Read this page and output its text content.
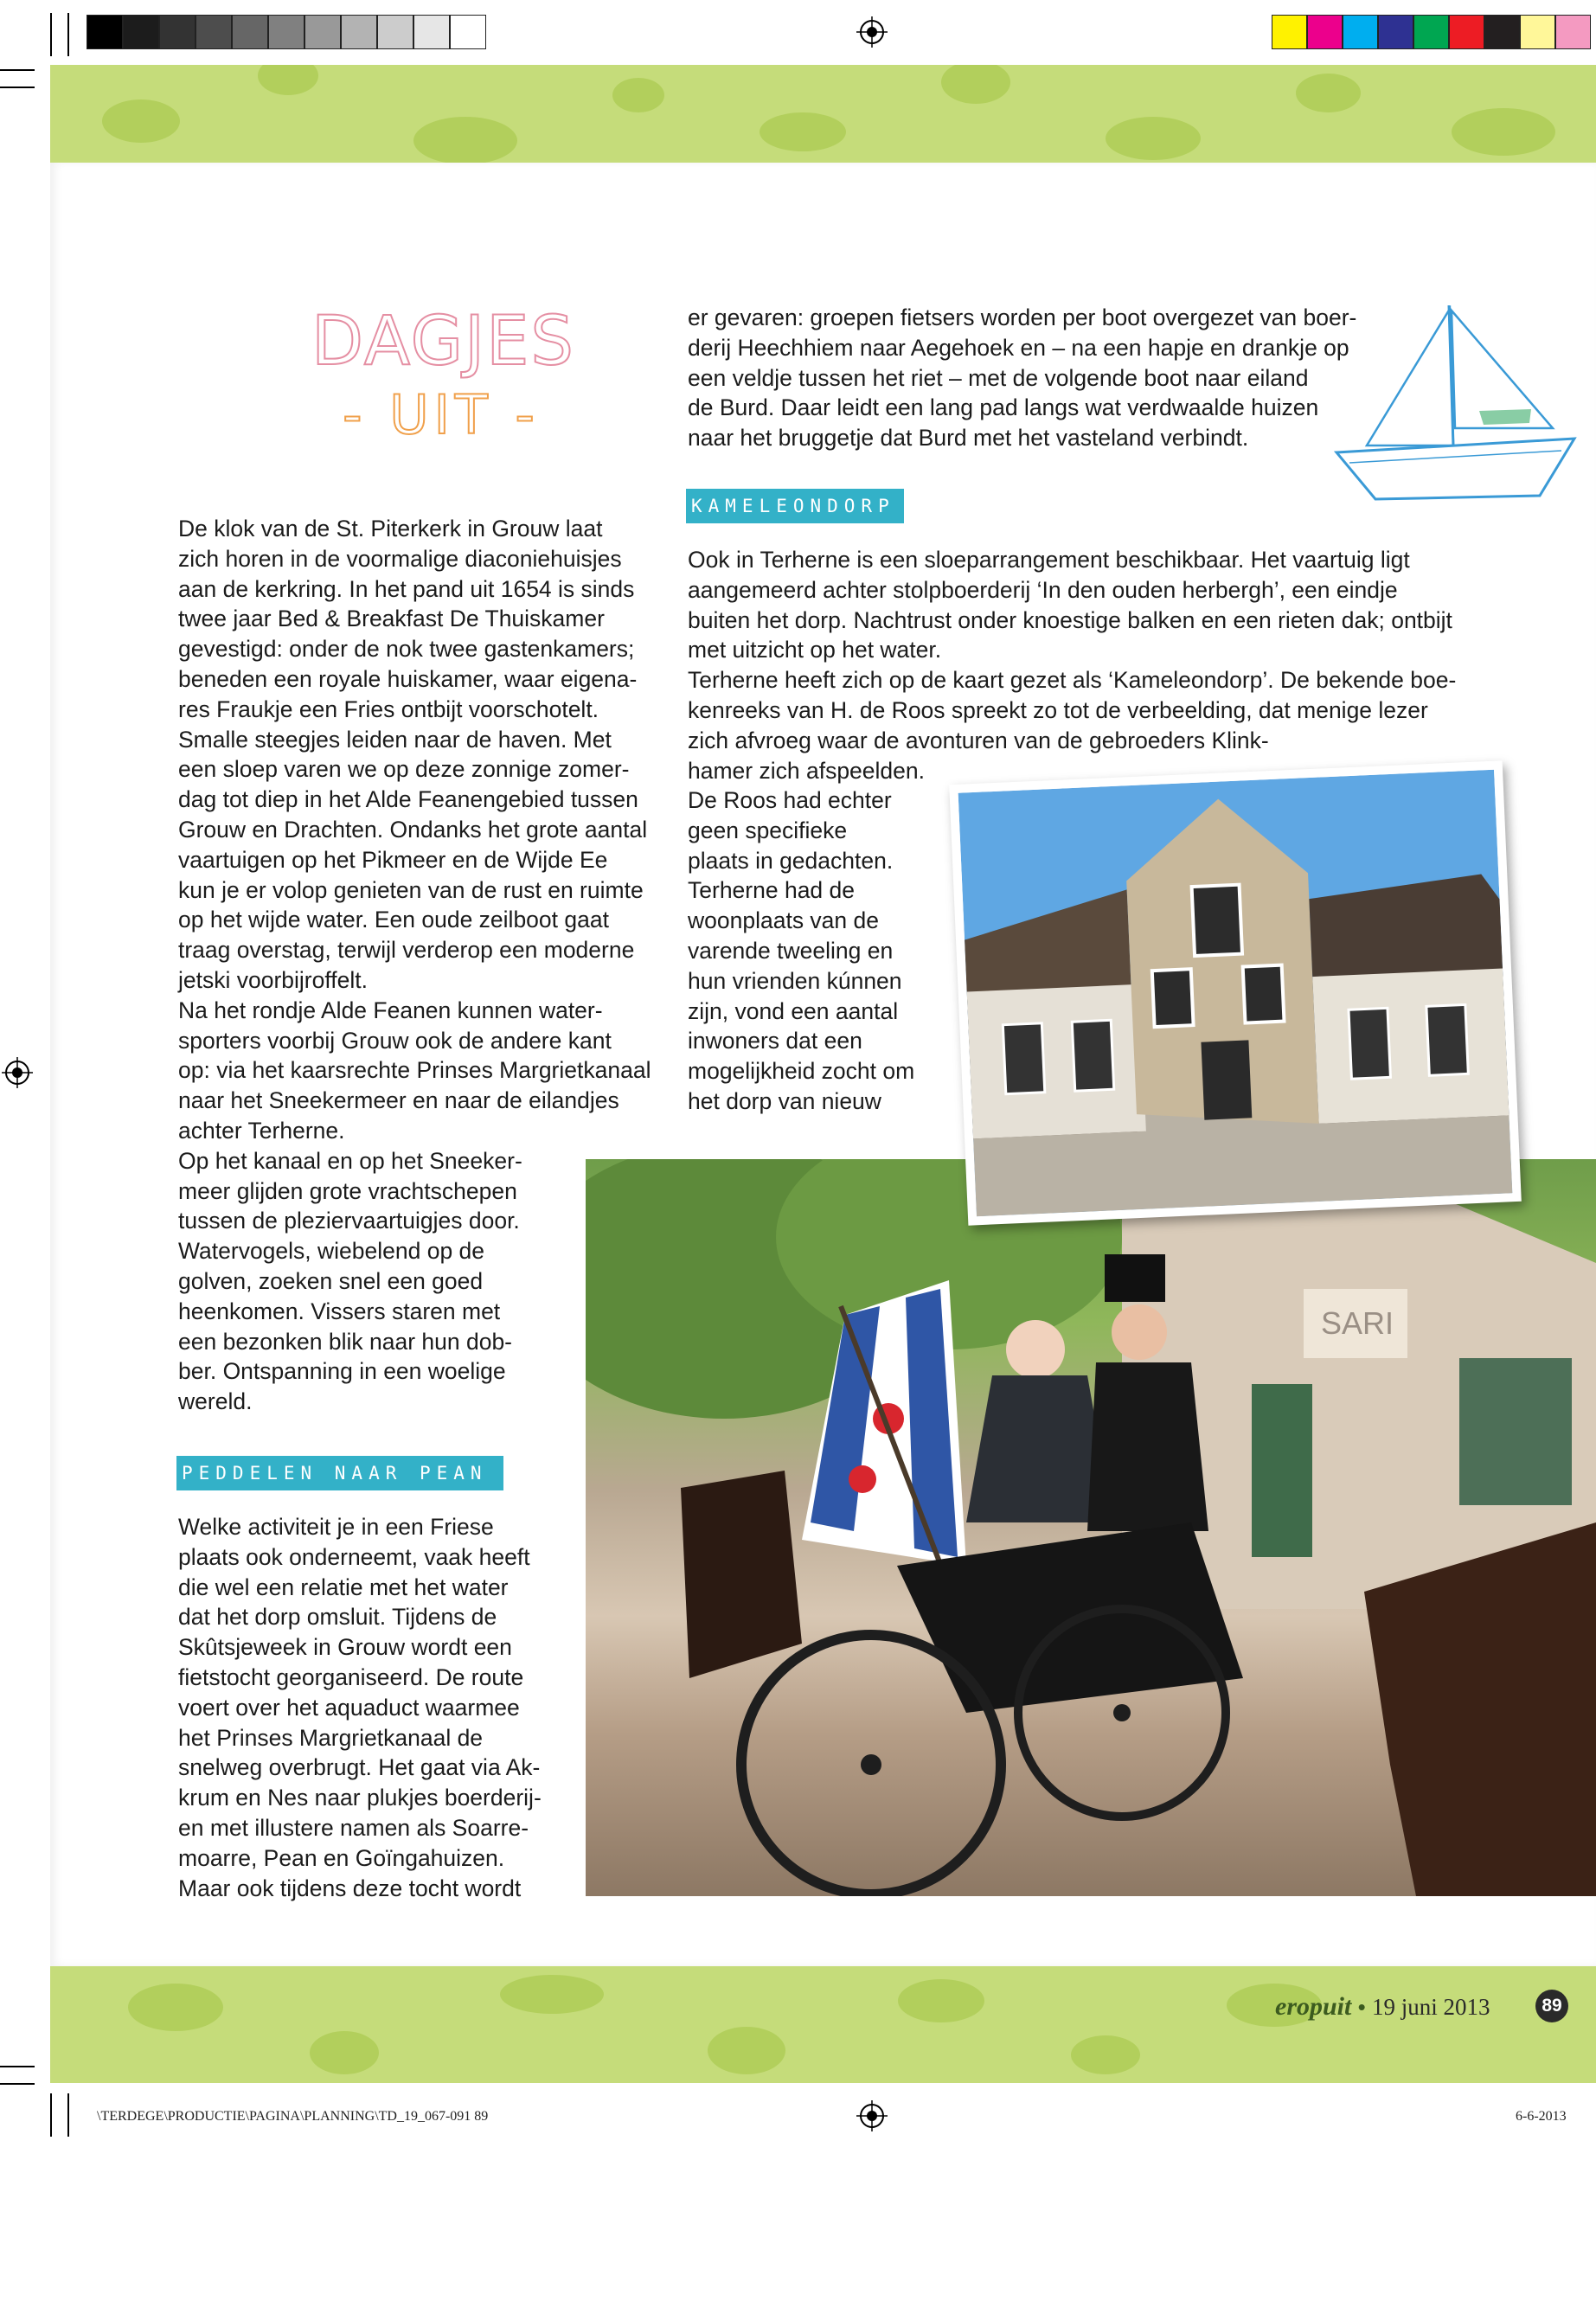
DAGJES
- UIT -
er gevaren: groepen fietsers worden per boot overgezet van boer-
derij Heechhiem naar Aegehoek en – na een hapje en drankje op
een veldje tussen het riet – met de volgende boot naar eiland
de Burd. Daar leidt een lang pad langs wat verdwaalde huizen
naar het bruggetje dat Burd met het vasteland verbindt.
KAMELEONDORP
Ook in Terherne is een sloeparrangement beschikbaar. Het vaartuig ligt
aangemeerd achter stolpboerderij ‘In den ouden herbergh’, een eindje
buiten het dorp. Nachtrust onder knoestige balken en een rieten dak; ontbijt
met uitzicht op het water.
Terherne heeft zich op de kaart gezet als ‘Kameleondorp’. De bekende boe-
kenreeks van H. de Roos spreekt zo tot de verbeelding, dat menige lezer
zich afvroeg waar de avonturen van de gebroeders Klink-
hamer zich afspeelden.
De Roos had echter
geen specifieke
plaats in gedachten.
Terherne had de
woonplaats van de
varende tweeling en
hun vrienden kúnnen
zijn, vond een aantal
inwoners dat een
mogelijkheid zocht om
het dorp van nieuw
De klok van de St. Piterkerk in Grouw laat
zich horen in de voormalige diaconiehuisjes
aan de kerkring. In het pand uit 1654 is sinds
twee jaar Bed & Breakfast De Thuiskamer
gevestigd: onder de nok twee gastenkamers;
beneden een royale huiskamer, waar eigena-
res Fraukje een Fries ontbijt voorschotelt.
Smalle steegjes leiden naar de haven. Met
een sloep varen we op deze zonnige zomer-
dag tot diep in het Alde Feanengebied tussen
Grouw en Drachten. Ondanks het grote aantal
vaartuigen op het Pikmeer en de Wijde Ee
kun je er volop genieten van de rust en ruimte
op het wijde water. Een oude zeilboot gaat
traag overstag, terwijl verderop een moderne
jetski voorbijroffelt.
Na het rondje Alde Feanen kunnen water-
sporters voorbij Grouw ook de andere kant
op: via het kaarsrechte Prinses Margrietkanaal
naar het Sneekermeer en naar de eilandjes
achter Terherne.
Op het kanaal en op het Sneeker-
meer glijden grote vrachtschepen
tussen de pleziervaartuigjes door.
Watervogels, wiebelend op de
golven, zoeken snel een goed
heenkomen. Vissers staren met
een bezonken blik naar hun dob-
ber. Ontspanning in een woelige
wereld.
PEDDELEN NAAR PEAN
Welke activiteit je in een Friese
plaats ook onderneemt, vaak heeft
die wel een relatie met het water
dat het dorp omsluit. Tijdens de
Skûtsjeweek in Grouw wordt een
fietstocht georganiseerd. De route
voert over het aquaduct waarmee
het Prinses Margrietkanaal de
snelweg overbrugt. Het gaat via Ak-
krum en Nes naar plukjes boerderij-
en met illustere namen als Soarre-
moarre, Pean en Goïngahuizen.
Maar ook tijdens deze tocht wordt
SARI
eropuit • 19 juni 2013	89
\TERDEGE\PRODUCTIE\PAGINA\PLANNING\TD_19_067-091 89	6-6-2013
